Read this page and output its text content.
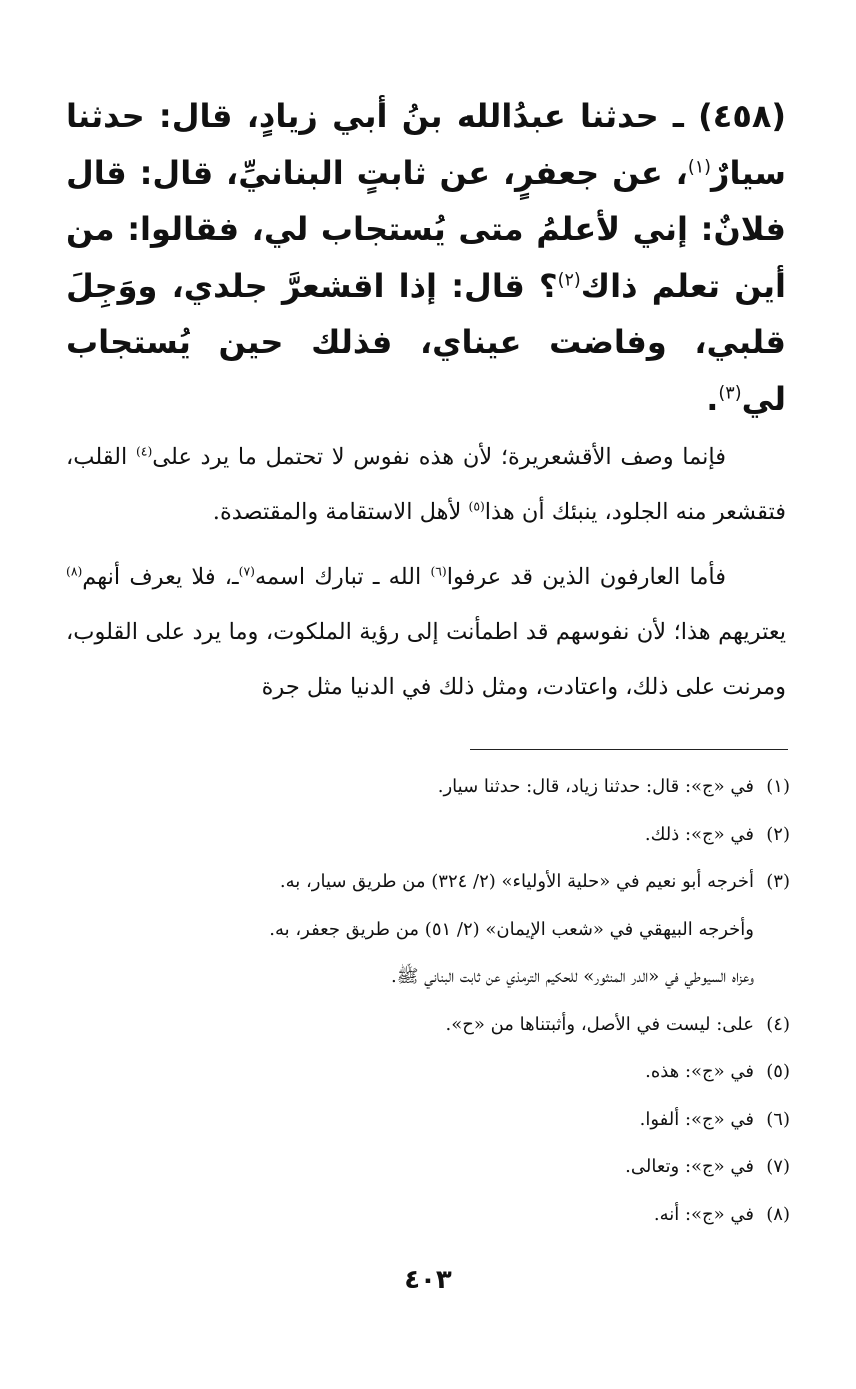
(٤٥٨) ـ حدثنا عبدُالله بنُ أبي زيادٍ، قال: حدثنا سيارٌ$^{(١)}$، عن جعفرٍ، عن ثابتٍ البنانيِّ، قال: قال فلانٌ: إني لأعلمُ متى يُستجاب لي، فقالوا: من أين تعلم ذاك$^{(٢)}$؟ قال: إذا اقشعرَّ جلدي، ووَجِلَ قلبي، وفاضت عيناي، فذلك حين يُستجاب لي$^{(٣)}$.

فإنما وصف الأقشعريرة؛ لأن هذه نفوس لا تحتمل ما يرد على$^{(٤)}$ القلب، فتقشعر منه الجلود، ينبئك أن هذا$^{(٥)}$ لأهل الاستقامة والمقتصدة.

فأما العارفون الذين قد عرفوا$^{(٦)}$ الله ـ تبارك اسمه$^{(٧)}$ـ، فلا يعرف أنهم$^{(٨)}$ يعتريهم هذا؛ لأن نفوسهم قد اطمأنت إلى رؤية الملكوت، وما يرد على القلوب، ومرنت على ذلك، واعتادت، ومثل ذلك في الدنيا مثل جرة

(١)
في «ج»: قال: حدثنا زياد، قال: حدثنا سيار.
(٢)
في «ج»: ذلك.
(٣)
أخرجه أبو نعيم في «حلية الأولياء» (٢/ ٣٢٤) من طريق سيار، به.
وأخرجه البيهقي في «شعب الإيمان» (٢/ ٥١) من طريق جعفر، به.
وعزاه السيوطي في «الدر المنثور» للحكيم الترمذي عن ثابت البناني ﷺ.
(٤)
على: ليست في الأصل، وأثبتناها من «ح».
(٥)
في «ج»: هذه.
(٦)
في «ج»: ألفوا.
(٧)
في «ج»: وتعالى.
(٨)
في «ج»: أنه.
٤٠٣
